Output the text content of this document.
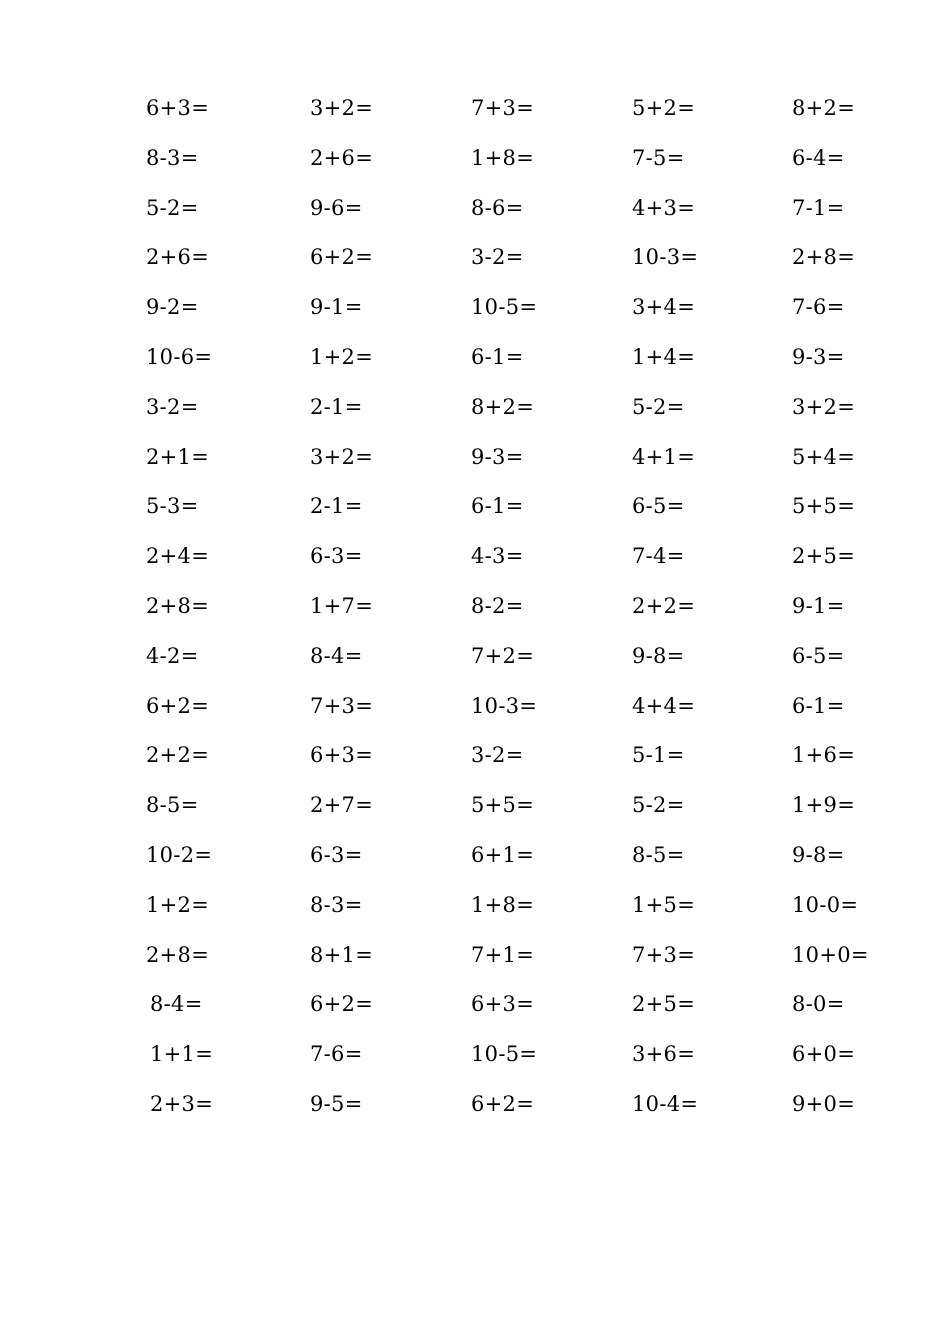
6+3=	3+2=	7+3=	5+2=	8+2=
8-3=	2+6=	1+8=	7-5=	6-4=
5-2=	9-6=	8-6=	4+3=	7-1=
2+6=	6+2=	3-2=	10-3=	2+8=
9-2=	9-1=	10-5=	3+4=	7-6=
10-6=	1+2=	6-1=	1+4=	9-3=
3-2=	2-1=	8+2=	5-2=	3+2=
2+1=	3+2=	9-3=	4+1=	5+4=
5-3=	2-1=	6-1=	6-5=	5+5=
2+4=	6-3=	4-3=	7-4=	2+5=
2+8=	1+7=	8-2=	2+2=	9-1=
4-2=	8-4=	7+2=	9-8=	6-5=
6+2=	7+3=	10-3=	4+4=	6-1=
2+2=	6+3=	3-2=	5-1=	1+6=
8-5=	2+7=	5+5=	5-2=	1+9=
10-2=	6-3=	6+1=	8-5=	9-8=
1+2=	8-3=	1+8=	1+5=	10-0=
2+8=	8+1=	7+1=	7+3=	10+0=
8-4=	6+2=	6+3=	2+5=	8-0=
1+1=	7-6=	10-5=	3+6=	6+0=
2+3=	9-5=	6+2=	10-4=	9+0=
